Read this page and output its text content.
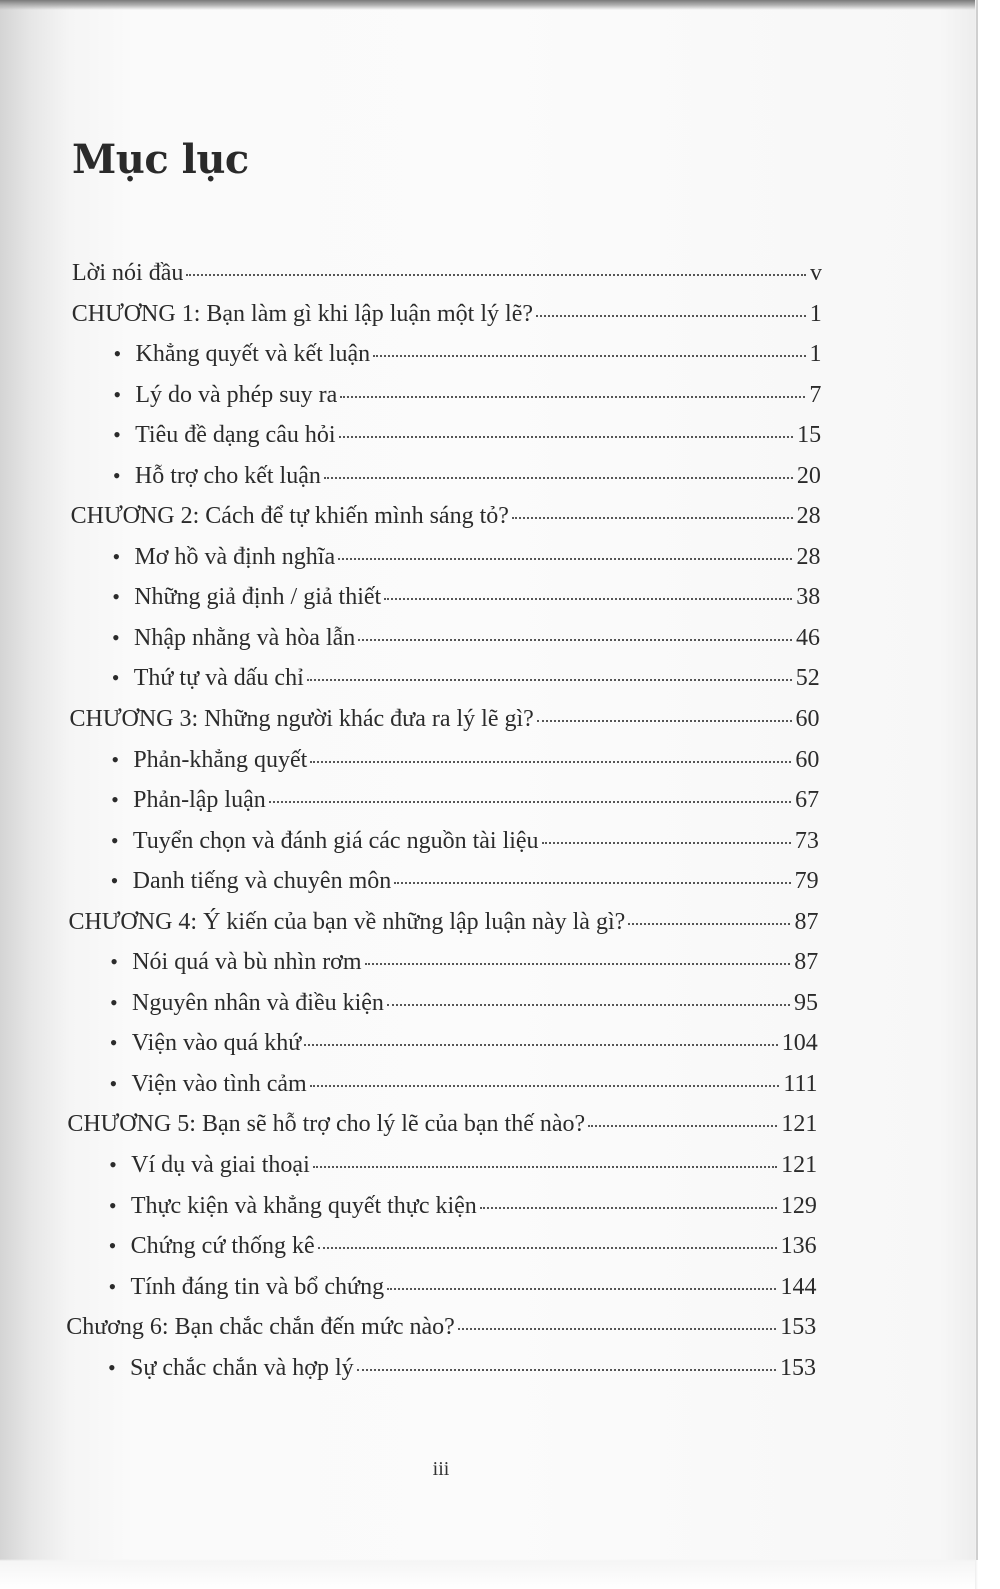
Mục lục
Lời nói đầu	v
CHƯƠNG 1: Bạn làm gì khi lập luận một lý lẽ?	1
• Khẳng quyết và kết luận	1
• Lý do và phép suy ra	7
• Tiêu đề dạng câu hỏi	15
• Hỗ trợ cho kết luận	20
CHƯƠNG 2: Cách để tự khiến mình sáng tỏ?	28
• Mơ hồ và định nghĩa	28
• Những giả định / giả thiết	38
• Nhập nhằng và hòa lẫn	46
• Thứ tự và dấu chỉ	52
CHƯƠNG 3: Những người khác đưa ra lý lẽ gì?	60
• Phản-khẳng quyết	60
• Phản-lập luận	67
• Tuyển chọn và đánh giá các nguồn tài liệu	73
• Danh tiếng và chuyên môn	79
CHƯƠNG 4: Ý kiến của bạn về những lập luận này là gì?	87
• Nói quá và bù nhìn rơm	87
• Nguyên nhân và điều kiện	95
• Viện vào quá khứ	104
• Viện vào tình cảm	111
CHƯƠNG 5: Bạn sẽ hỗ trợ cho lý lẽ của bạn thế nào?	121
• Ví dụ và giai thoại	121
• Thực kiện và khẳng quyết thực kiện	129
• Chứng cứ thống kê	136
• Tính đáng tin và bổ chứng	144
Chương 6: Bạn chắc chắn đến mức nào?	153
• Sự chắc chắn và hợp lý	153
iii
